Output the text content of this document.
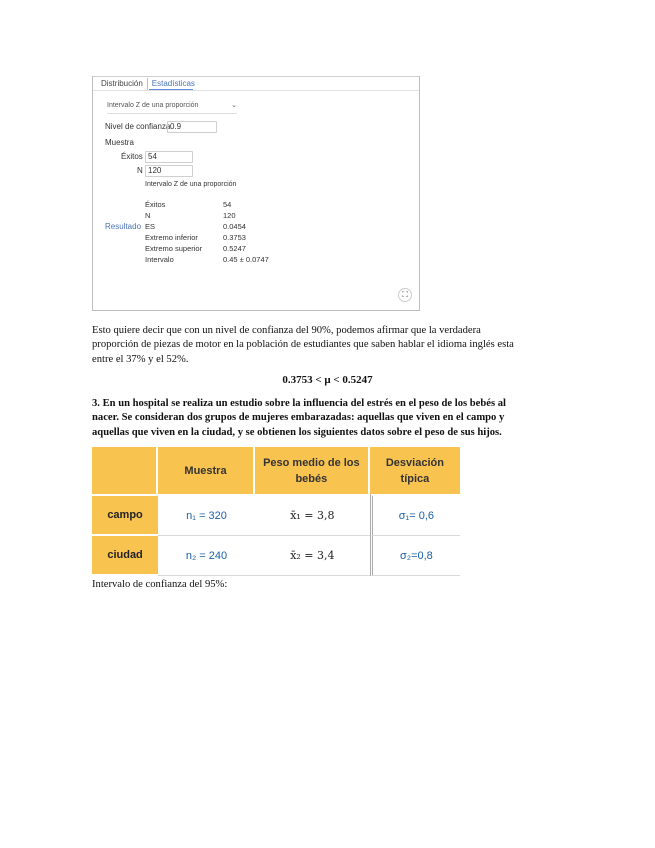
Distribución	Estadísticas
Intervalo Z de una proporción	⌄
Nivel de confianza 0.9
Muestra
Éxitos 54
N 120
Intervalo Z de una proporción
Resultado
Éxitos	54
N	120
ES	0.0454
Extremo inferior	0.3753
Extremo superior	0.5247
Intervalo	0.45 ± 0.0747
⛶
Esto quiere decir que con un nivel de confianza del 90%, podemos afirmar que la verdadera
proporción de piezas de motor en la población de estudiantes que saben hablar el idioma inglés esta
entre el 37% y el 52%.
0.3753 < μ < 0.5247
3. En un hospital se realiza un estudio sobre la influencia del estrés en el peso de los bebés al
nacer. Se consideran dos grupos de mujeres embarazadas: aquellas que viven en el campo y
aquellas que viven en la ciudad, y se obtienen los siguientes datos sobre el peso de sus hijos.
	Muestra	Peso medio de los bebés	Desviación típica
campo	n₁ = 320	x̄₁ = 3,8	σ₁= 0,6
ciudad	n₂ = 240	x̄₂ = 3,4	σ₂=0,8
Intervalo de confianza del 95%:
